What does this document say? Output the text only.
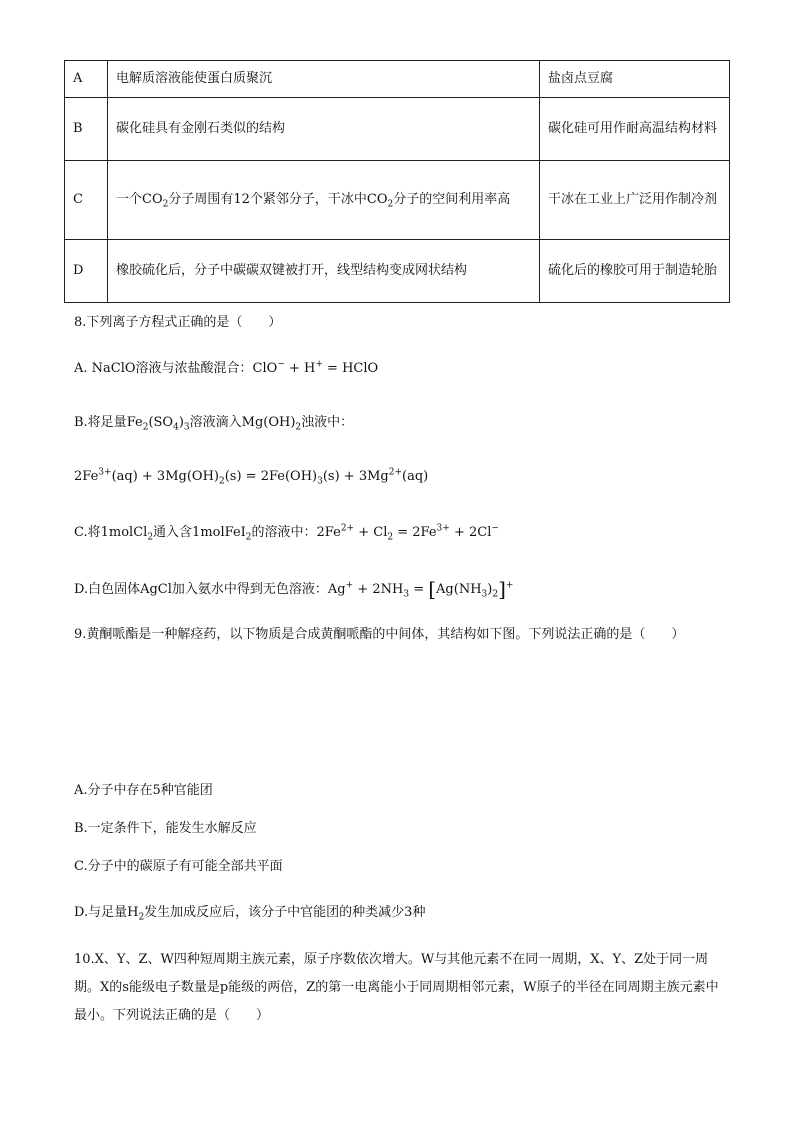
A	电解质溶液能使蛋白质聚沉	盐卤点豆腐
B	碳化硅具有金刚石类似的结构	碳化硅可用作耐高温结构材料
C	一个$CO_2$分子周围有12个紧邻分子，干冰中$CO_2$分子的空间利用率高	干冰在工业上广泛用作制冷剂
D	橡胶硫化后，分子中碳碳双键被打开，线型结构变成网状结构	硫化后的橡胶可用于制造轮胎
8.下列离子方程式正确的是（　　）
A. NaClO溶液与浓盐酸混合：ClO− + H+ = HClO
B.将足量$Fe_2(SO_4)_3$溶液滴入$Mg(OH)_2$浊液中：
$2Fe^{3+}(aq) + 3Mg(OH)_2(s) = 2Fe(OH)_3(s) + 3Mg^{2+}(aq)$
C.将1molCl$_2$通入含1molFeI$_2$的溶液中：$2Fe^{2+} + Cl_2 = 2Fe^{3+} + 2Cl^-$
D.白色固体AgCl加入氨水中得到无色溶液：$Ag^+ + 2NH_3 = [Ag(NH_3)_2]^+$
9.黄酮哌酯是一种解痉药，以下物质是合成黄酮哌酯的中间体，其结构如下图。下列说法正确的是（　　）
A.分子中存在5种官能团
B.一定条件下，能发生水解反应
C.分子中的碳原子有可能全部共平面
D.与足量$H_2$发生加成反应后，该分子中官能团的种类减少3种
10.X、Y、Z、W四种短周期主族元素，原子序数依次增大。W与其他元素不在同一周期，X、Y、Z处于同一周期。X的s能级电子数量是p能级的两倍，Z的第一电离能小于同周期相邻元素，W原子的半径在同周期主族元素中最小。下列说法正确的是（　　）
